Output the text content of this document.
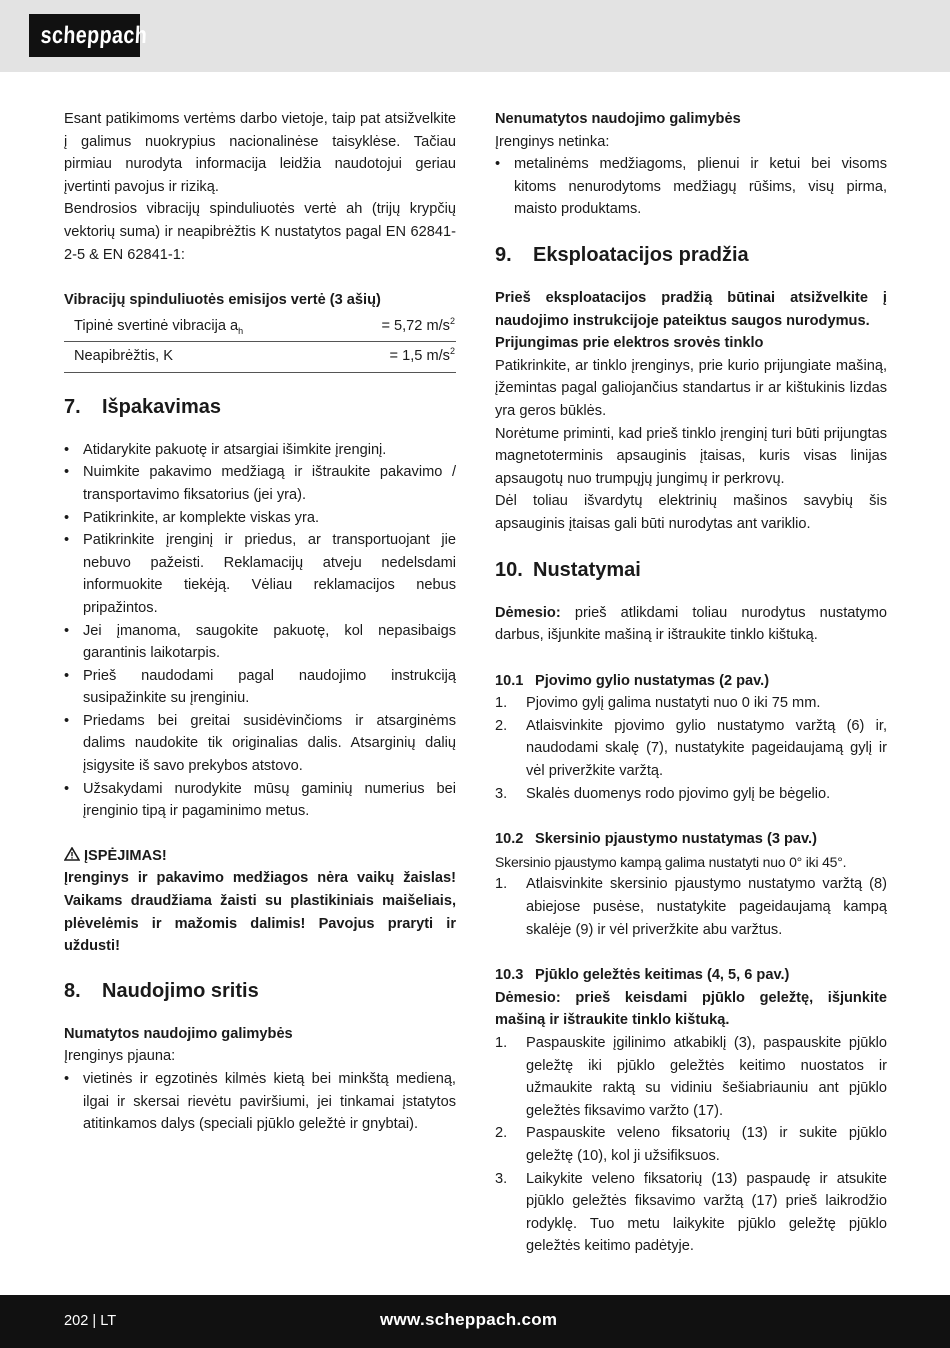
scheppach

Esant patikimoms vertėms darbo vietoje, taip pat atsižvelkite į galimus nuokrypius nacionalinėse taisyklėse. Tačiau pirmiau nurodyta informacija leidžia naudotojui geriau įvertinti pavojus ir riziką.

Bendrosios vibracijų spinduliuotės vertė ah (trijų krypčių vektorių suma) ir neapibrėžtis K nustatytos pagal EN 62841-2-5 & EN 62841-1:

Vibracijų spinduliuotės emisijos vertė (3 ašių)

Tipinė svertinė vibracija $a_h$	= 5,72 $m/s^2$
Neapibrėžtis, K	= 1,5 $m/s^2$
7. Išpakavimas
• Atidarykite pakuotę ir atsargiai išimkite įrenginį.
• Nuimkite pakavimo medžiagą ir ištraukite pakavimo / transportavimo fiksatorius (jei yra).
• Patikrinkite, ar komplekte viskas yra.
• Patikrinkite įrenginį ir priedus, ar transportuojant jie nebuvo pažeisti. Reklamacijų atveju nedelsdami informuokite tiekėją. Vėliau reklamacijos nebus pripažintos.
• Jei įmanoma, saugokite pakuotę, kol nepasibaigs garantinis laikotarpis.
• Prieš naudodami pagal naudojimo instrukciją susipažinkite su įrenginiu.
• Priedams bei greitai susidėvinčioms ir atsarginėms dalims naudokite tik originalias dalis. Atsarginių dalių įsigysite iš savo prekybos atstovo.
• Užsakydami nurodykite mūsų gaminių numerius bei įrenginio tipą ir pagaminimo metus.

ĮSPĖJIMAS!

Įrenginys ir pakavimo medžiagos nėra vaikų žaislas! Vaikams draudžiama žaisti su plastikiniais maišeliais, plėvelėmis ir mažomis dalimis! Pavojus praryti ir uždusti!

8. Naudojimo sritis

Numatytos naudojimo galimybės

Įrenginys pjauna:

• vietinės ir egzotinės kilmės kietą bei minkštą medieną, ilgai ir skersai rievėtu paviršiumi, jei tinkamai įstatytos atitinkamos dalys (speciali pjūklo geležtė ir gnybtai).

Nenumatytos naudojimo galimybės

Įrenginys netinka:

• metalinėms medžiagoms, plienui ir ketui bei visoms kitoms nenurodytoms medžiagų rūšims, visų pirma, maisto produktams.
9. Eksploatacijos pradžia

Prieš eksploatacijos pradžią būtinai atsižvelkite į naudojimo instrukcijoje pateiktus saugos nurodymus.

Prijungimas prie elektros srovės tinklo

Patikrinkite, ar tinklo įrenginys, prie kurio prijungiate mašiną, įžemintas pagal galiojančius standartus ir ar kištukinis lizdas yra geros būklės.

Norėtume priminti, kad prieš tinklo įrenginį turi būti prijungtas magnetoterminis apsauginis įtaisas, kuris visas linijas apsaugotų nuo trumpųjų jungimų ir perkrovų.

Dėl toliau išvardytų elektrinių mašinos savybių šis apsauginis įtaisas gali būti nurodytas ant variklio.

10. Nustatymai

Dėmesio: prieš atlikdami toliau nurodytus nustatymo darbus, išjunkite mašiną ir ištraukite tinklo kištuką.

10.1 Pjovimo gylio nustatymas (2 pav.)

1. Pjovimo gylį galima nustatyti nuo 0 iki 75 mm.
2. Atlaisvinkite pjovimo gylio nustatymo varžtą (6) ir, naudodami skalę (7), nustatykite pageidaujamą gylį ir vėl priveržkite varžtą.
3. Skalės duomenys rodo pjovimo gylį be bėgelio.

10.2 Skersinio pjaustymo nustatymas (3 pav.)

Skersinio pjaustymo kampą galima nustatyti nuo 0° iki 45°.

1. Atlaisvinkite skersinio pjaustymo nustatymo varžtą (8) abiejose pusėse, nustatykite pageidaujamą kampą skalėje (9) ir vėl priveržkite abu varžtus.

10.3 Pjūklo geležtės keitimas (4, 5, 6 pav.)

Dėmesio: prieš keisdami pjūklo geležtę, išjunkite mašiną ir ištraukite tinklo kištuką.

1. Paspauskite įgilinimo atkabiklį (3), paspauskite pjūklo geležtę iki pjūklo geležtės keitimo nuostatos ir užmaukite raktą su vidiniu šešiabriauniu ant pjūklo geležtės fiksavimo varžto (17).
2. Paspauskite veleno fiksatorių (13) ir sukite pjūklo geležtę (10), kol ji užsifiksuos.
3. Laikykite veleno fiksatorių (13) paspaudę ir atsukite pjūklo geležtės fiksavimo varžtą (17) prieš laikrodžio rodyklę. Tuo metu laikykite pjūklo geležtę pjūklo geležtės keitimo padėtyje.
202 | LT	www.scheppach.com
